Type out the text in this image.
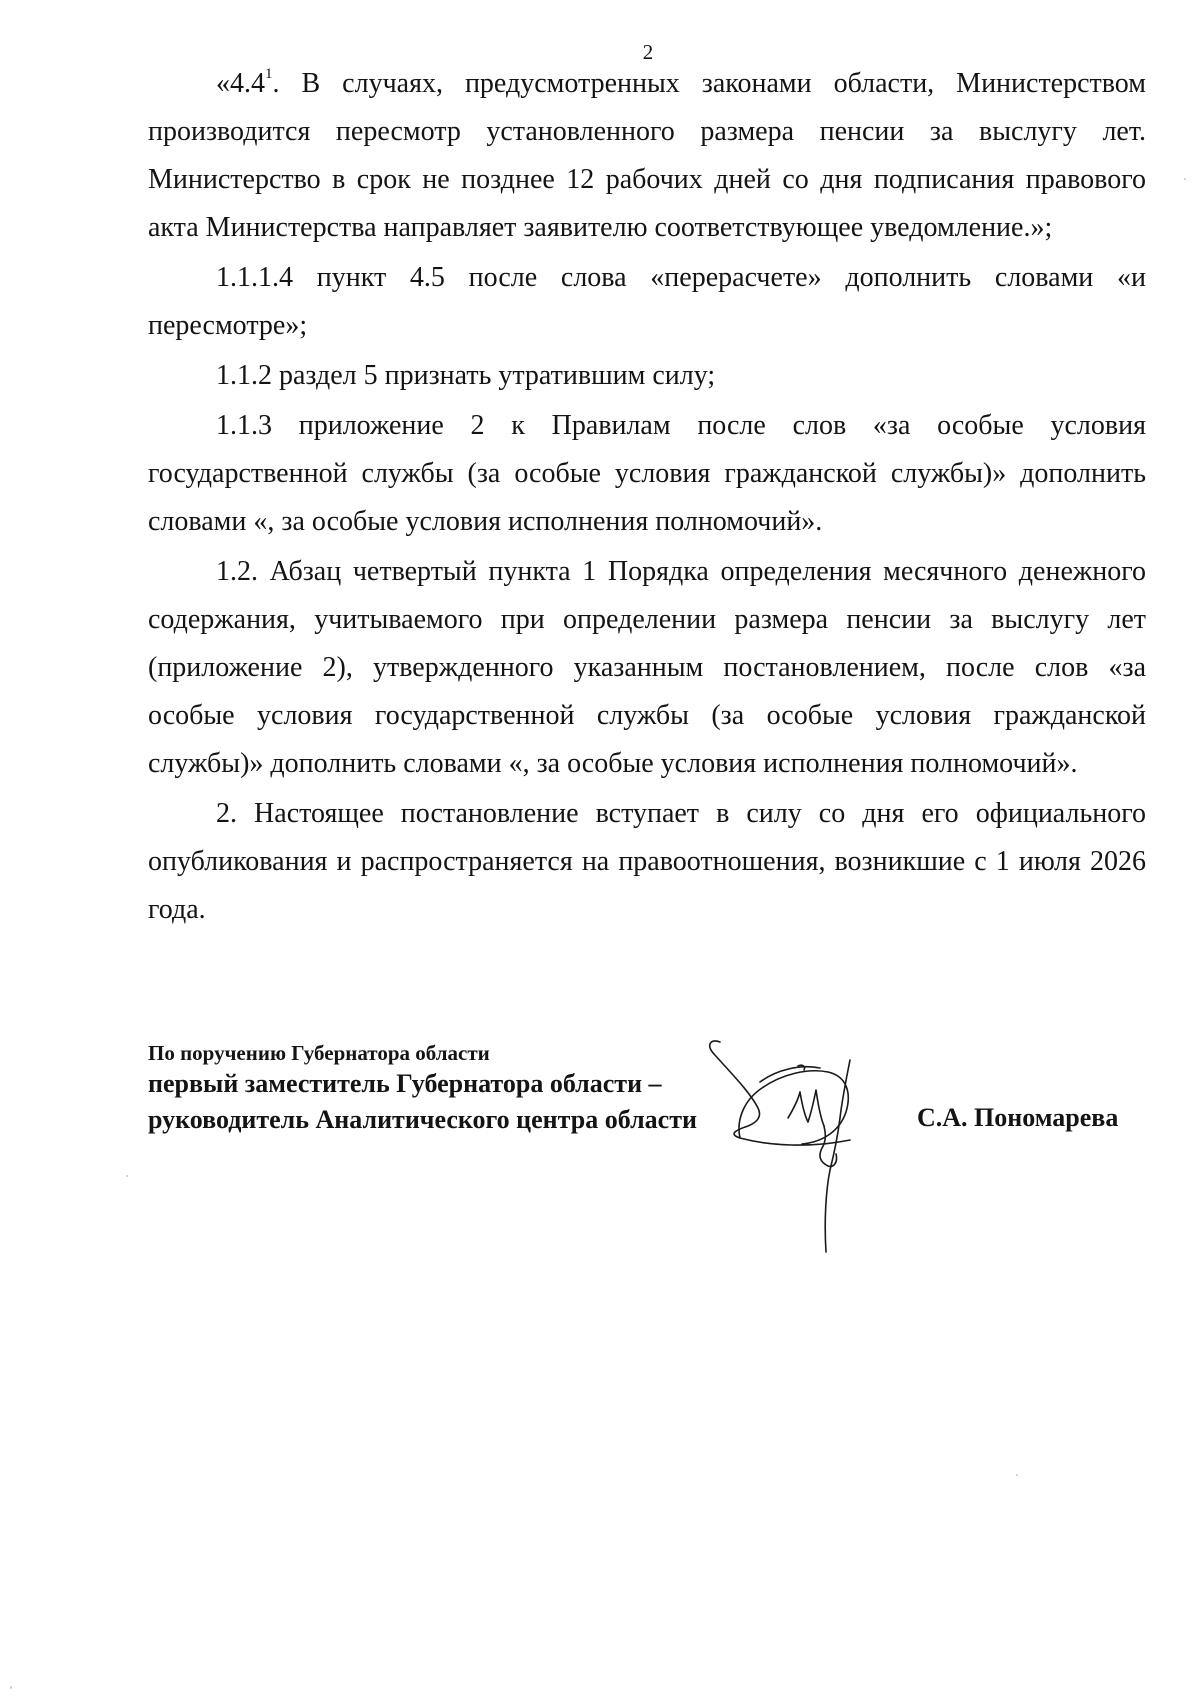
2

«$4.4^1$. В случаях, предусмотренных законами области, Министерством производится пересмотр установленного размера пенсии за выслугу лет. Министерство в срок не позднее 12 рабочих дней со дня подписания правового акта Министерства направляет заявителю соответствующее уведомление.»;

1.1.1.4 пункт 4.5 после слова «перерасчете» дополнить словами «и пересмотре»;

1.1.2 раздел 5 признать утратившим силу;

1.1.3 приложение 2 к Правилам после слов «за особые условия государственной службы (за особые условия гражданской службы)» дополнить словами «, за особые условия исполнения полномочий».

1.2. Абзац четвертый пункта 1 Порядка определения месячного денежного содержания, учитываемого при определении размера пенсии за выслугу лет (приложение 2), утвержденного указанным постановлением, после слов «за особые условия государственной службы (за особые условия гражданской службы)» дополнить словами «, за особые условия исполнения полномочий».

2. Настоящее постановление вступает в силу со дня его официального опубликования и распространяется на правоотношения, возникшие с 1 июля 2026 года.

По поручению Губернатора области
первый заместитель Губернатора области –
руководитель Аналитического центра области	С.А. Пономарева
